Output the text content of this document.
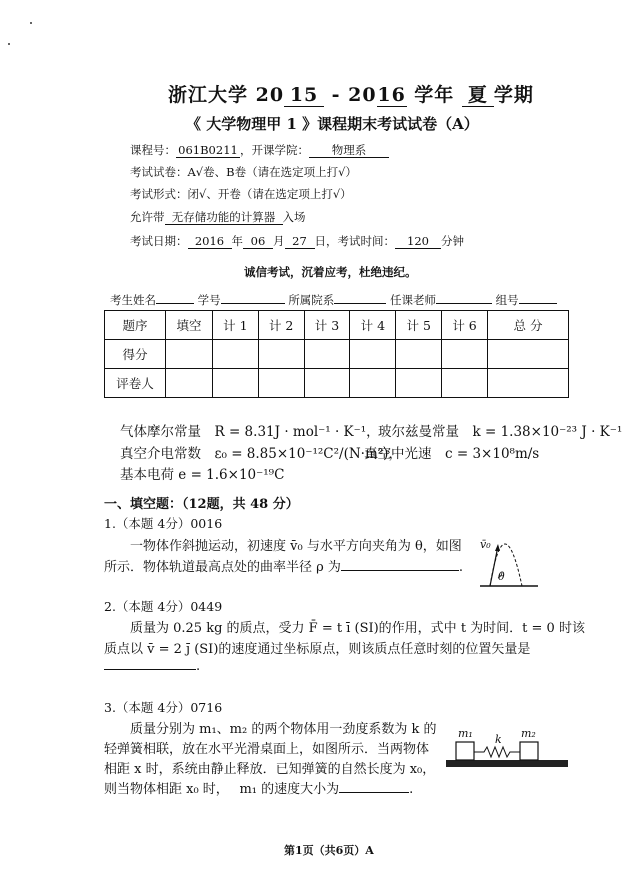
浙江大学 20 15 - 2016 学年 夏 学期
《 大学物理甲 1 》课程期末考试试卷（A）
课程号： 061B0211 ，开课学院： 物理系
考试试卷：A√卷、B卷（请在选定项上打√）
考试形式：闭√、开卷（请在选定项上打√）
允许带 无存储功能的计算器 入场
考试日期： 2016 年 06 月 27 日，考试时间： 120 分钟
诚信考试，沉着应考，杜绝违纪。
考生姓名	学号	所属院系	任课老师	组号
题序	填空	计 1	计 2	计 3	计 4	计 5	计 6	总 分
得分								
评卷人								
气体摩尔常量　R = 8.31J · mol⁻¹ · K⁻¹，
玻尔兹曼常量　k = 1.38×10⁻²³ J · K⁻¹
真空介电常数　ε₀ = 8.85×10⁻¹²C²/(N·m²)，
真空中光速　c = 3×10⁸m/s
基本电荷 e = 1.6×10⁻¹⁹C
一、填空题：（12题，共 48 分）
1.（本题 4分）0016
一物体作斜抛运动，初速度 v̄₀ 与水平方向夹角为 θ，如图
所示．物体轨道最高点处的曲率半径 ρ 为	.
v̄₀
θ
2.（本题 4分）0449
质量为 0.25 kg 的质点，受力 F̄ = t ī (SI)的作用，式中 t 为时间．t = 0 时该
质点以 v̄ = 2 j̄ (SI)的速度通过坐标原点，则该质点任意时刻的位置矢量是
.
3.（本题 4分）0716
质量分别为 m₁、m₂ 的两个物体用一劲度系数为 k 的
轻弹簧相联，放在水平光滑桌面上，如图所示．当两物体
相距 x 时，系统由静止释放．已知弹簧的自然长度为 x₀，
则当物体相距 x₀ 时，　 m₁ 的速度大小为	.
m₁ k m₂
第1页（共6页）A
